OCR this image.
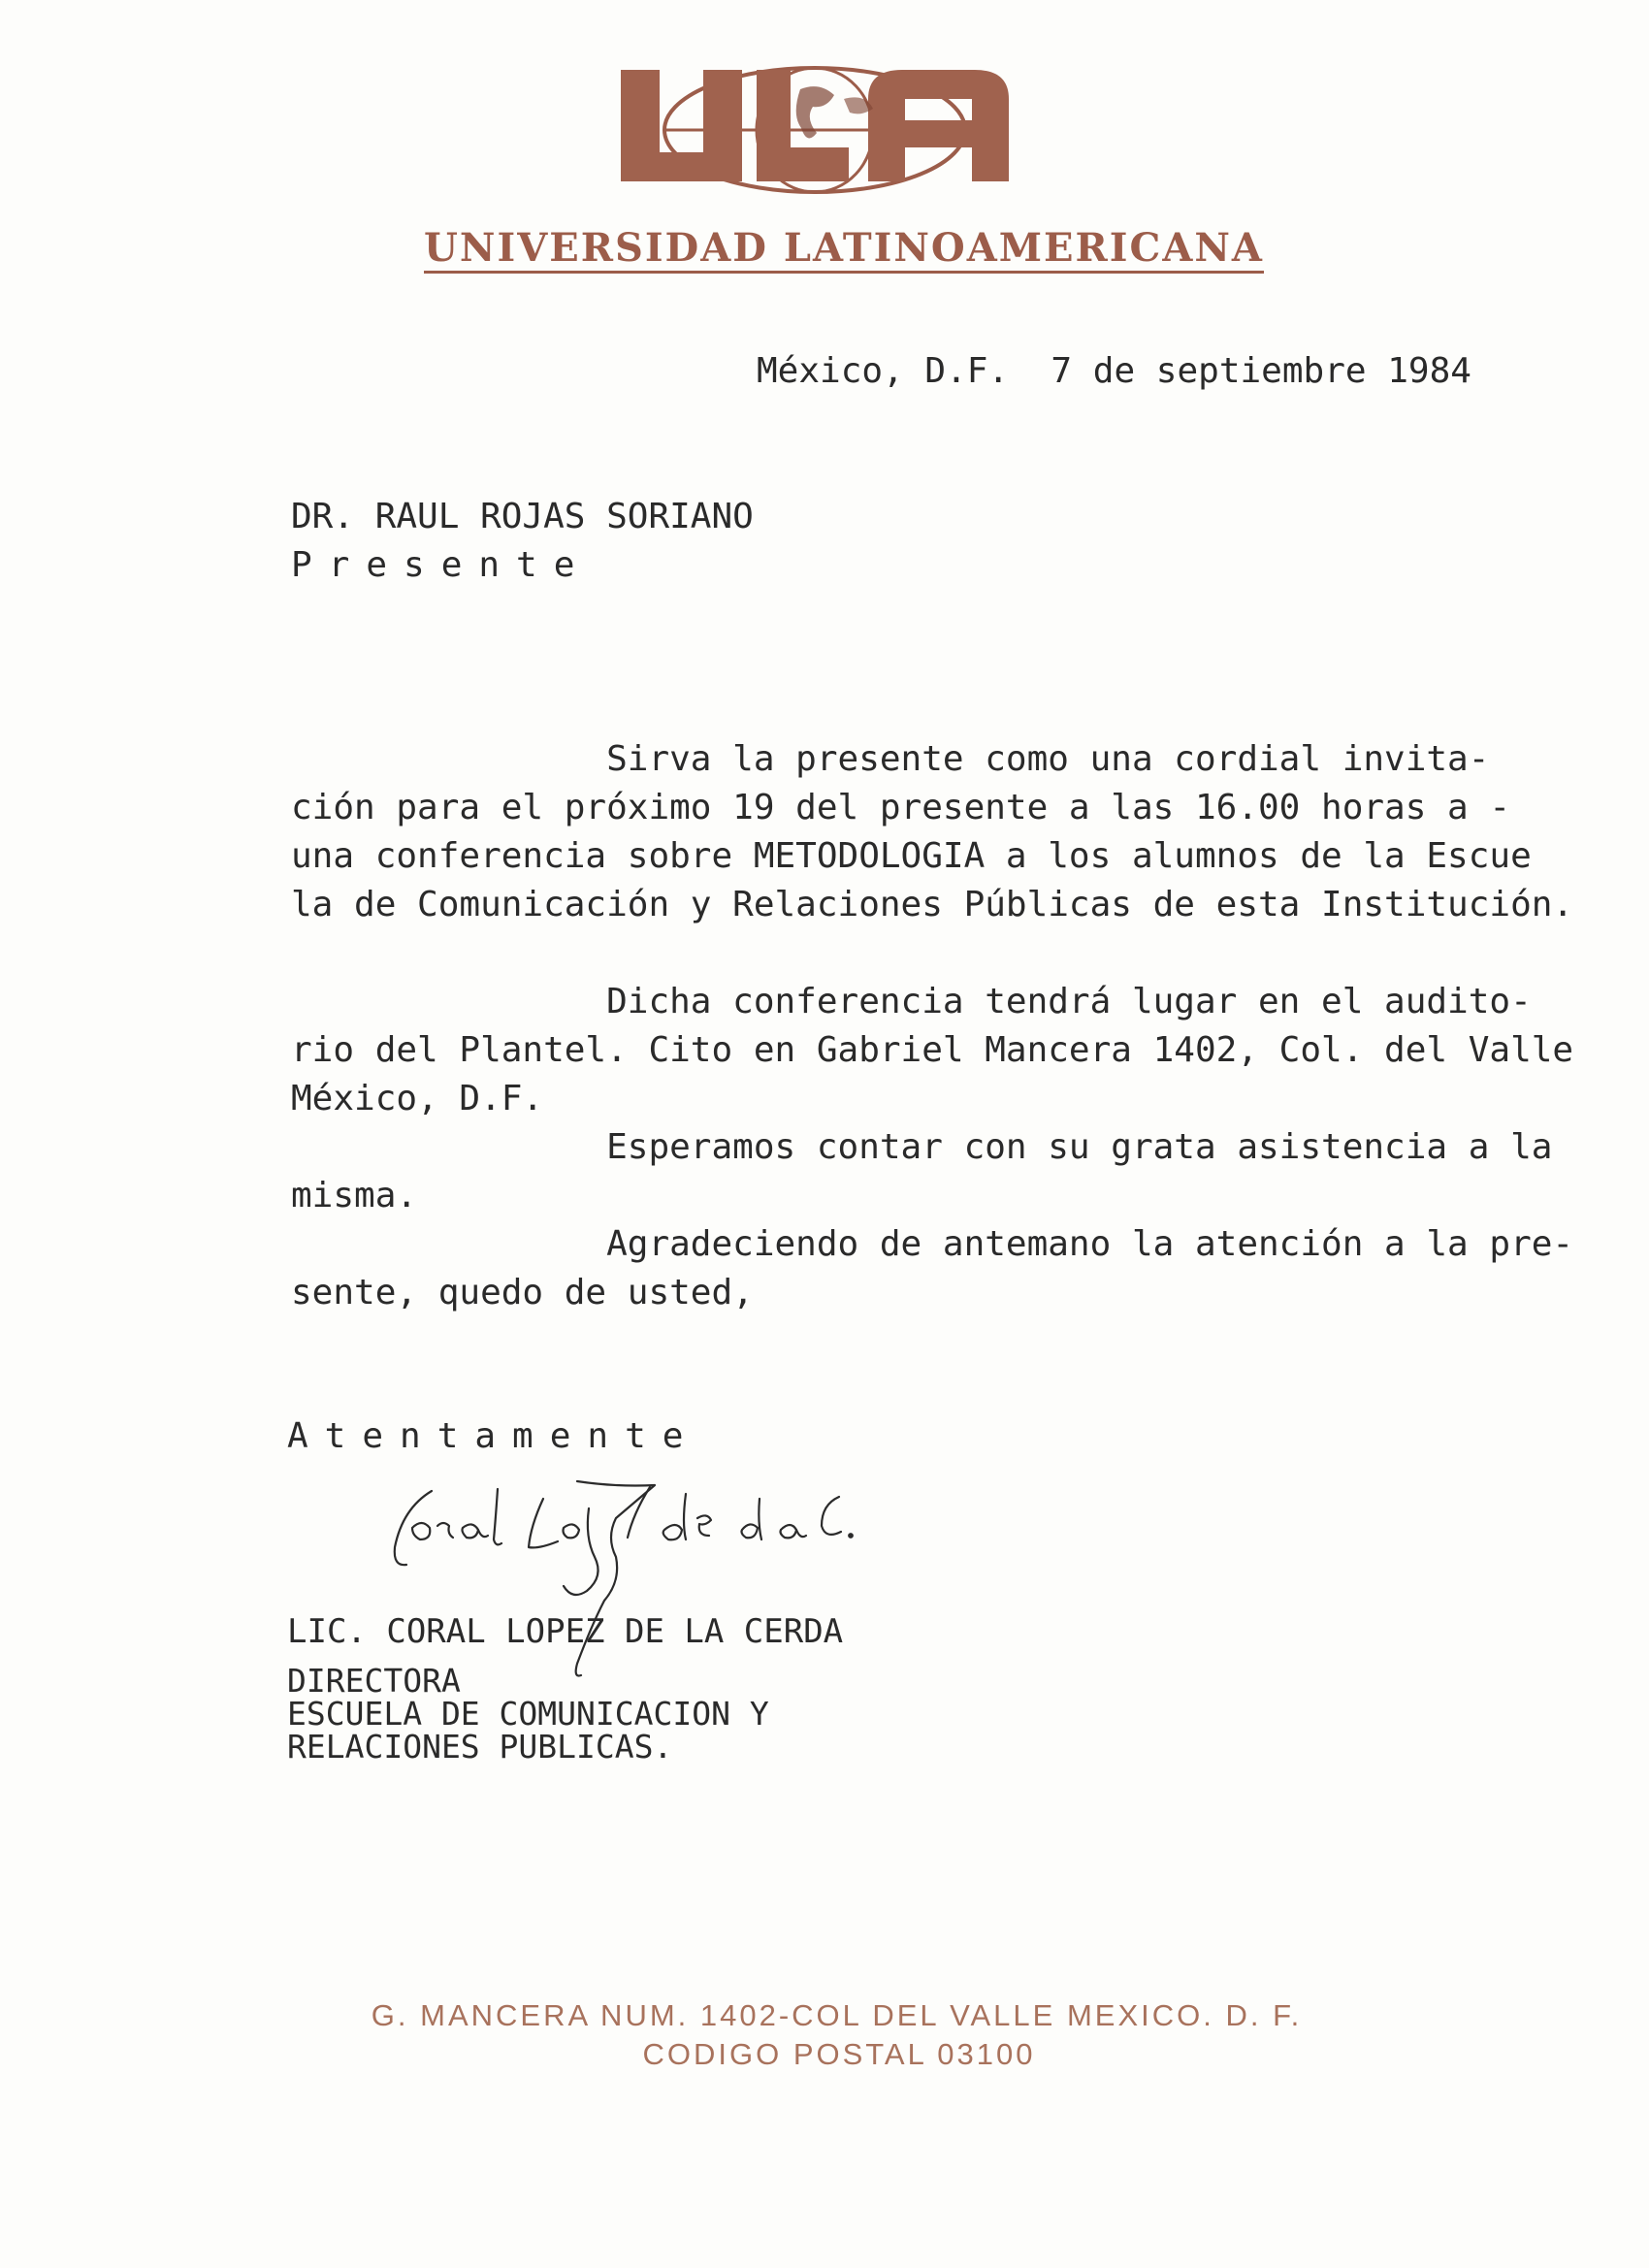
UNIVERSIDAD LATINOAMERICANA
México, D.F.  7 de septiembre 1984
DR. RAUL ROJAS SORIANO
Presente
Sirva la presente como una cordial invita-
ción para el próximo 19 del presente a las 16.00 horas a -
una conferencia sobre METODOLOGIA a los alumnos de la Escue
la de Comunicación y Relaciones Públicas de esta Institución.
Dicha conferencia tendrá lugar en el audito-
rio del Plantel. Cito en Gabriel Mancera 1402, Col. del Valle
México, D.F.
Esperamos contar con su grata asistencia a la
misma.
Agradeciendo de antemano la atención a la pre-
sente, quedo de usted,
Atentamente
LIC. CORAL LOPEZ DE LA CERDA
DIRECTORA
ESCUELA DE COMUNICACION Y
RELACIONES PUBLICAS.
G. MANCERA NUM. 1402-COL DEL VALLE MEXICO. D. F.
CODIGO POSTAL 03100
